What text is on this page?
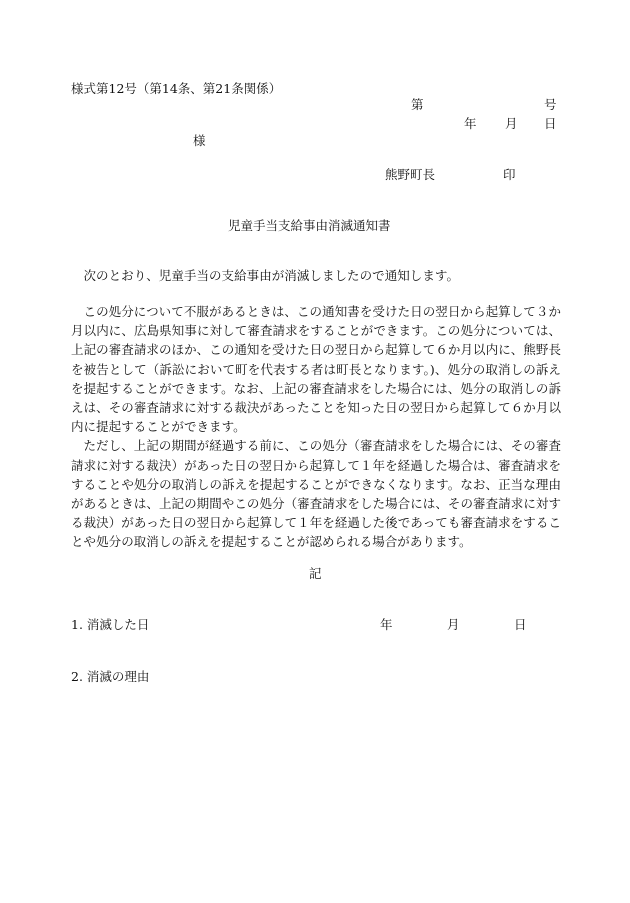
様式第12号（第14条、第21条関係）
第	号
年 月 日
様
熊野町長	印
児童手当支給事由消滅通知書

次のとおり、児童手当の支給事由が消滅しましたので通知します。

この処分について不服があるときは、この通知書を受けた日の翌日から起算して３か月以内に、広島県知事に対して審査請求をすることができます。この処分については、上記の審査請求のほか、この通知を受けた日の翌日から起算して６か月以内に、熊野長を被告として（訴訟において町を代表する者は町長となります。)、処分の取消しの訴えを提起することができます。なお、上記の審査請求をした場合には、処分の取消しの訴えは、その審査請求に対する裁決があったことを知った日の翌日から起算して６か月以内に提起することができます。

ただし、上記の期間が経過する前に、この処分（審査請求をした場合には、その審査請求に対する裁決）があった日の翌日から起算して１年を経過した場合は、審査請求をすることや処分の取消しの訴えを提起することができなくなります。なお、正当な理由があるときは、上記の期間やこの処分（審査請求をした場合には、その審査請求に対する裁決）があった日の翌日から起算して１年を経過した後であっても審査請求をすることや処分の取消しの訴えを提起することが認められる場合があります。

記
1. 消滅した日	年	月	日
2. 消滅の理由
